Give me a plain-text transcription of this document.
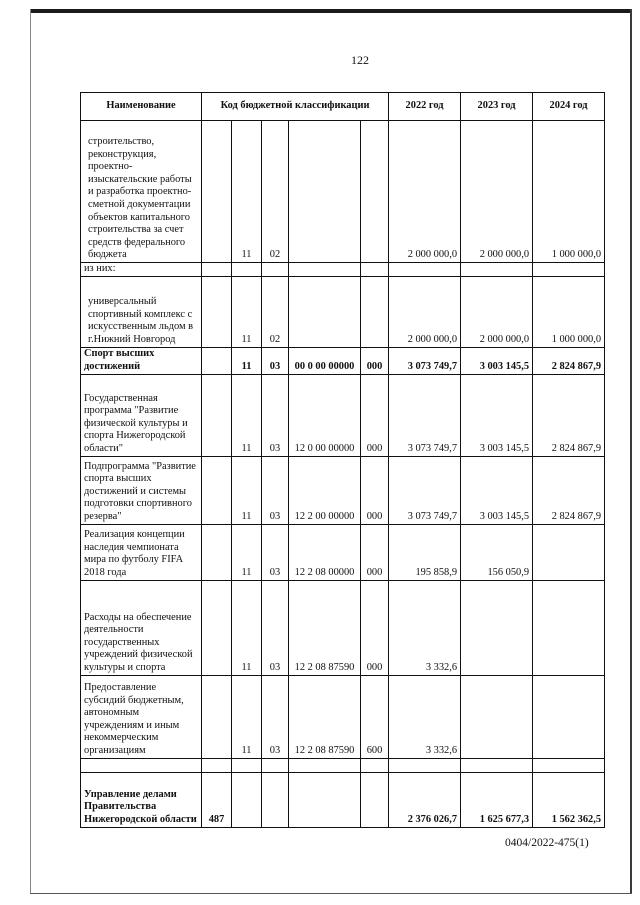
122
Наименование	Код бюджетной классификации					2022 год	2023 год	2024 год
строительство, реконструкция, проектно-изыскательские работы и разработка проектно-сметной документации объектов капитального строительства за счет средств федерального бюджета		11	02			2 000 000,0	2 000 000,0	1 000 000,0
из них:								
универсальный спортивный комплекс с искусственным льдом в г.Нижний Новгород		11	02			2 000 000,0	2 000 000,0	1 000 000,0
Спорт высших достижений		11	03	00 0 00 00000	000	3 073 749,7	3 003 145,5	2 824 867,9
Государственная программа "Развитие физической культуры и спорта Нижегородской области"		11	03	12 0 00 00000	000	3 073 749,7	3 003 145,5	2 824 867,9
Подпрограмма "Развитие спорта высших достижений и системы подготовки спортивного резерва"		11	03	12 2 00 00000	000	3 073 749,7	3 003 145,5	2 824 867,9
Реализация концепции наследия чемпионата мира по футболу FIFA 2018 года		11	03	12 2 08 00000	000	195 858,9	156 050,9	
Расходы на обеспечение деятельности государственных учреждений физической культуры и спорта		11	03	12 2 08 87590	000	3 332,6		
Предоставление субсидий бюджетным, автономным учреждениям и иным некоммерческим организациям		11	03	12 2 08 87590	600	3 332,6		

Управление делами Правительства Нижегородской области	487					2 376 026,7	1 625 677,3	1 562 362,5
0404/2022-475(1)
